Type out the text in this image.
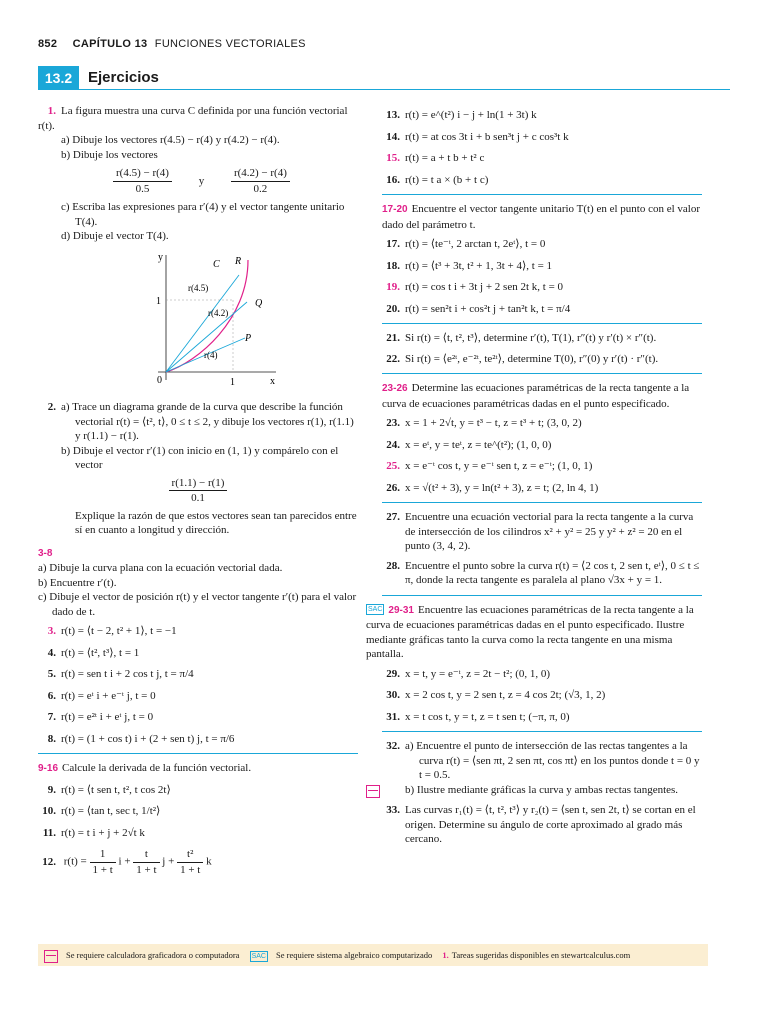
852 CAPÍTULO 13 FUNCIONES VECTORIALES
13.2	Ejercicios

1. La figura muestra una curva C definida por una función vectorial r(t).

a) Dibuje los vectores r(4.5) − r(4) y r(4.2) − r(4).

b) Dibuje los vectores

$\frac{r(4.5) - r(4)}{0.5}$ y $\frac{r(4.2) - r(4)}{0.2}$

c) Escriba las expresiones para r′(4) y el vector tangente unitario T(4).

d) Dibuje el vector T(4).

y
x
1
1
0
C R
Q
P
r(4.5)
r(4.2)
r(4)

2. a) Trace un diagrama grande de la curva que describe la función vectorial r(t) = ⟨t², t⟩, 0 ≤ t ≤ 2, y dibuje los vectores r(1), r(1.1) y r(1.1) − r(1).

b) Dibuje el vector r′(1) con inicio en (1, 1) y compárelo con el vector

$\frac{r(1.1) - r(1)}{0.1}$

Explique la razón de que estos vectores sean tan parecidos entre sí en cuanto a longitud y dirección.

3-8

a) Dibuje la curva plana con la ecuación vectorial dada.

b) Encuentre r′(t).

c) Dibuje el vector de posición r(t) y el vector tangente r′(t) para el valor dado de t.

3. r(t) = ⟨t − 2, t² + 1⟩, t = −1

4. r(t) = ⟨t², t³⟩, t = 1

5. r(t) = sen t i + 2 cos t j, t = π/4

6. r(t) = eᵗ i + e⁻ᵗ j, t = 0

7. r(t) = e²ᵗ i + eᵗ j, t = 0

8. r(t) = (1 + cos t) i + (2 + sen t) j, t = π/6

9-16 Calcule la derivada de la función vectorial.

9. r(t) = ⟨t sen t, t², t cos 2t⟩

10. r(t) = ⟨tan t, sec t, 1/t²⟩

11. r(t) = t i + j + 2√t k

12. $r(t) = \frac{1}{1 + t}$ $i + \frac{t}{1 + t}$ $j + \frac{\text{t²}}{1 + t}$ k

13. r(t) = e^(t²) i − j + ln(1 + 3t) k

14. r(t) = at cos 3t i + b sen³t j + c cos³t k

15. r(t) = a + t b + t² c

16. r(t) = t a × (b + t c)

17-20 Encuentre el vector tangente unitario T(t) en el punto con el valor dado del parámetro t.

17. r(t) = ⟨te⁻ᵗ, 2 arctan t, 2eᵗ⟩, t = 0

18. r(t) = ⟨t³ + 3t, t² + 1, 3t + 4⟩, t = 1

19. r(t) = cos t i + 3t j + 2 sen 2t k, t = 0

20. r(t) = sen²t i + cos²t j + tan²t k, t = π/4

21. Si r(t) = ⟨t, t², t³⟩, determine r′(t), T(1), r″(t) y r′(t) × r″(t).

22. Si r(t) = ⟨e²ᵗ, e⁻²ᵗ, te²ᵗ⟩, determine T(0), r″(0) y r′(t) · r″(t).

23-26 Determine las ecuaciones paramétricas de la recta tangente a la curva de ecuaciones paramétricas dadas en el punto especificado.

23. x = 1 + 2√t, y = t³ − t, z = t³ + t; (3, 0, 2)

24. x = eᵗ, y = teᵗ, z = te^(t²); (1, 0, 0)

25. x = e⁻ᵗ cos t, y = e⁻ᵗ sen t, z = e⁻ᵗ; (1, 0, 1)

26. x = √(t² + 3), y = ln(t² + 3), z = t; (2, ln 4, 1)

27. Encuentre una ecuación vectorial para la recta tangente a la curva de intersección de los cilindros x² + y² = 25 y y² + z² = 20 en el punto (3, 4, 2).

28. Encuentre el punto sobre la curva r(t) = ⟨2 cos t, 2 sen t, eᵗ⟩, 0 ≤ t ≤ π, donde la recta tangente es paralela al plano √3x + y = 1.

SAC 29-31 Encuentre las ecuaciones paramétricas de la recta tangente a la curva de ecuaciones paramétricas dadas en el punto especificado. Ilustre mediante gráficas tanto la curva como la recta tangente en una misma pantalla.

29. x = t, y = e⁻ᵗ, z = 2t − t²; (0, 1, 0)

30. x = 2 cos t, y = 2 sen t, z = 4 cos 2t; (√3, 1, 2)

31. x = t cos t, y = t, z = t sen t; (−π, π, 0)

32. a) Encuentre el punto de intersección de las rectas tangentes a la curva r(t) = ⟨sen πt, 2 sen πt, cos πt⟩ en los puntos donde t = 0 y t = 0.5.

b) Ilustre mediante gráficas la curva y ambas rectas tangentes.

33. Las curvas r₁(t) = ⟨t, t², t³⟩ y r₂(t) = ⟨sen t, sen 2t, t⟩ se cortan en el origen. Determine su ángulo de corte aproximado al grado más cercano.

Se requiere calculadora graficadora o computadora SAC Se requiere sistema algebraico computarizado 1. Tareas sugeridas disponibles en stewartcalculus.com
